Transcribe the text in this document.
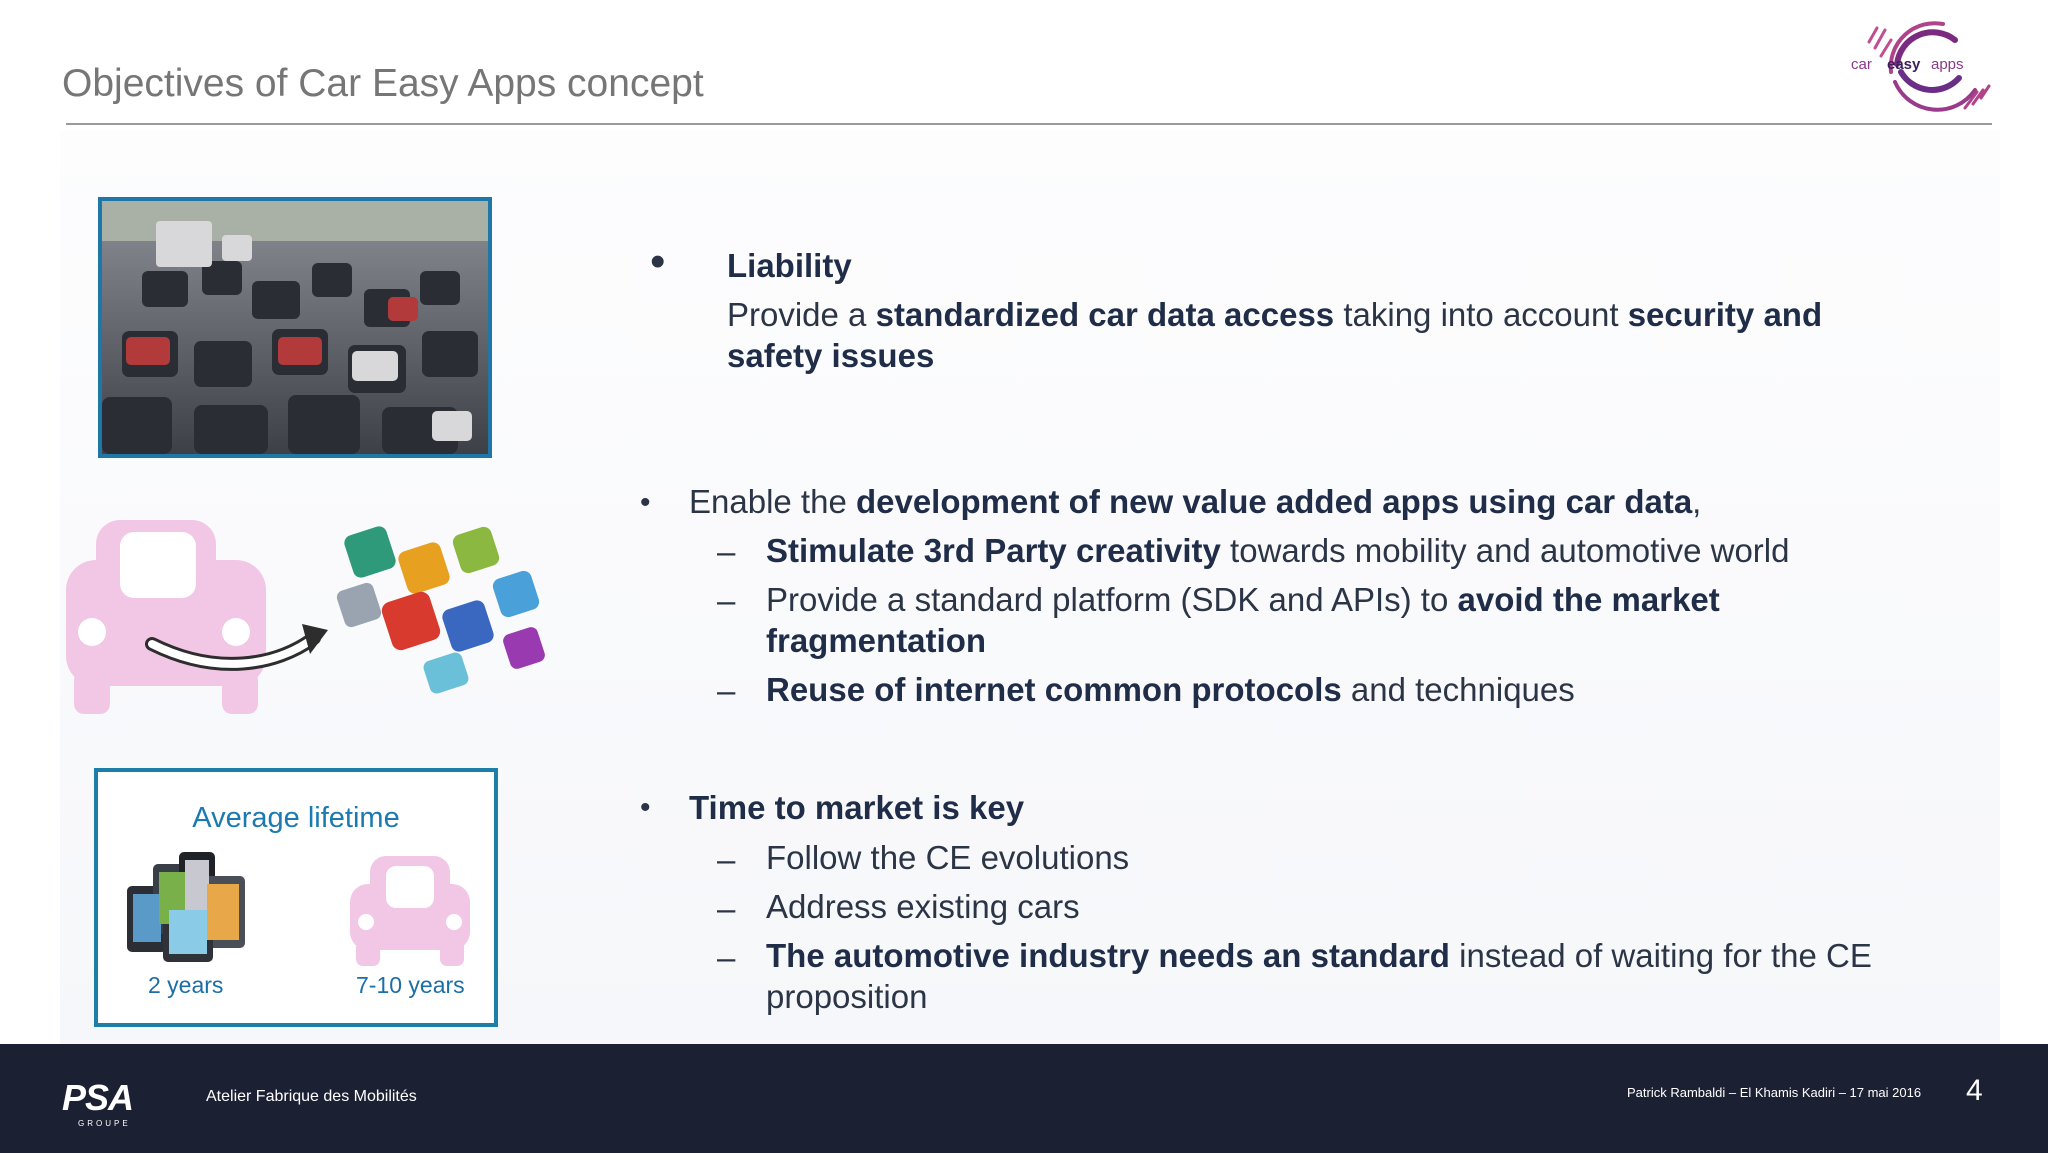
Objectives of Car Easy Apps concept	car easy apps
Average lifetime
2 years	7-10 years
• Liability
Provide a standardized car data access taking into account security and
safety issues
• Enable the development of new value added apps using car data,
– Stimulate 3rd Party creativity towards mobility and automotive world
– Provide a standard platform (SDK and APIs) to avoid the market
fragmentation
– Reuse of internet common protocols and techniques
• Time to market is key
– Follow the CE evolutions
– Address existing cars
– The automotive industry needs an standard instead of waiting for the CE
proposition
PSA
GROUPE
Atelier Fabrique des Mobilités	Patrick Rambaldi – El Khamis Kadiri – 17 mai 2016 4
